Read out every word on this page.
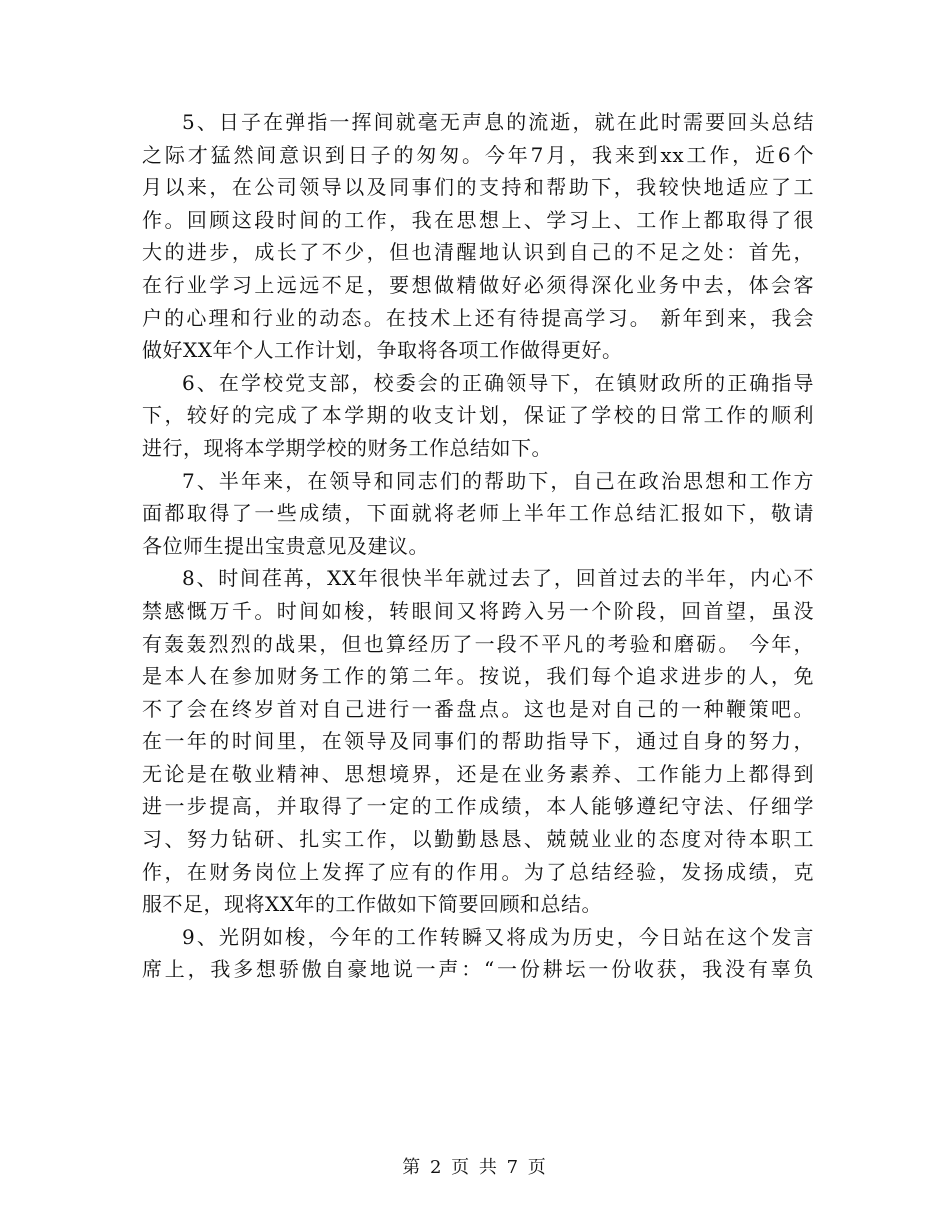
5、日子在弹指一挥间就毫无声息的流逝，就在此时需要回头总结
之际才猛然间意识到日子的匆匆。今年7月，我来到xx工作，近6个
月以来，在公司领导以及同事们的支持和帮助下，我较快地适应了工
作。回顾这段时间的工作，我在思想上、学习上、工作上都取得了很
大的进步，成长了不少，但也清醒地认识到自己的不足之处：首先，
在行业学习上远远不足，要想做精做好必须得深化业务中去，体会客
户的心理和行业的动态。在技术上还有待提高学习。 新年到来，我会
做好XX年个人工作计划，争取将各项工作做得更好。
6、在学校党支部，校委会的正确领导下，在镇财政所的正确指导
下，较好的完成了本学期的收支计划，保证了学校的日常工作的顺利
进行，现将本学期学校的财务工作总结如下。
7、半年来，在领导和同志们的帮助下，自己在政治思想和工作方
面都取得了一些成绩，下面就将老师上半年工作总结汇报如下，敬请
各位师生提出宝贵意见及建议。
8、时间荏苒，XX年很快半年就过去了，回首过去的半年，内心不
禁感慨万千。时间如梭，转眼间又将跨入另一个阶段，回首望，虽没
有轰轰烈烈的战果，但也算经历了一段不平凡的考验和磨砺。 今年，
是本人在参加财务工作的第二年。按说，我们每个追求进步的人，免
不了会在终岁首对自己进行一番盘点。这也是对自己的一种鞭策吧。
在一年的时间里，在领导及同事们的帮助指导下，通过自身的努力，
无论是在敬业精神、思想境界，还是在业务素养、工作能力上都得到
进一步提高，并取得了一定的工作成绩，本人能够遵纪守法、仔细学
习、努力钻研、扎实工作，以勤勤恳恳、兢兢业业的态度对待本职工
作，在财务岗位上发挥了应有的作用。为了总结经验，发扬成绩，克
服不足，现将XX年的工作做如下简要回顾和总结。
9、光阴如梭，今年的工作转瞬又将成为历史，今日站在这个发言
席上，我多想骄傲自豪地说一声：“一份耕坛一份收获，我没有辜负
第 2 页 共 7 页
